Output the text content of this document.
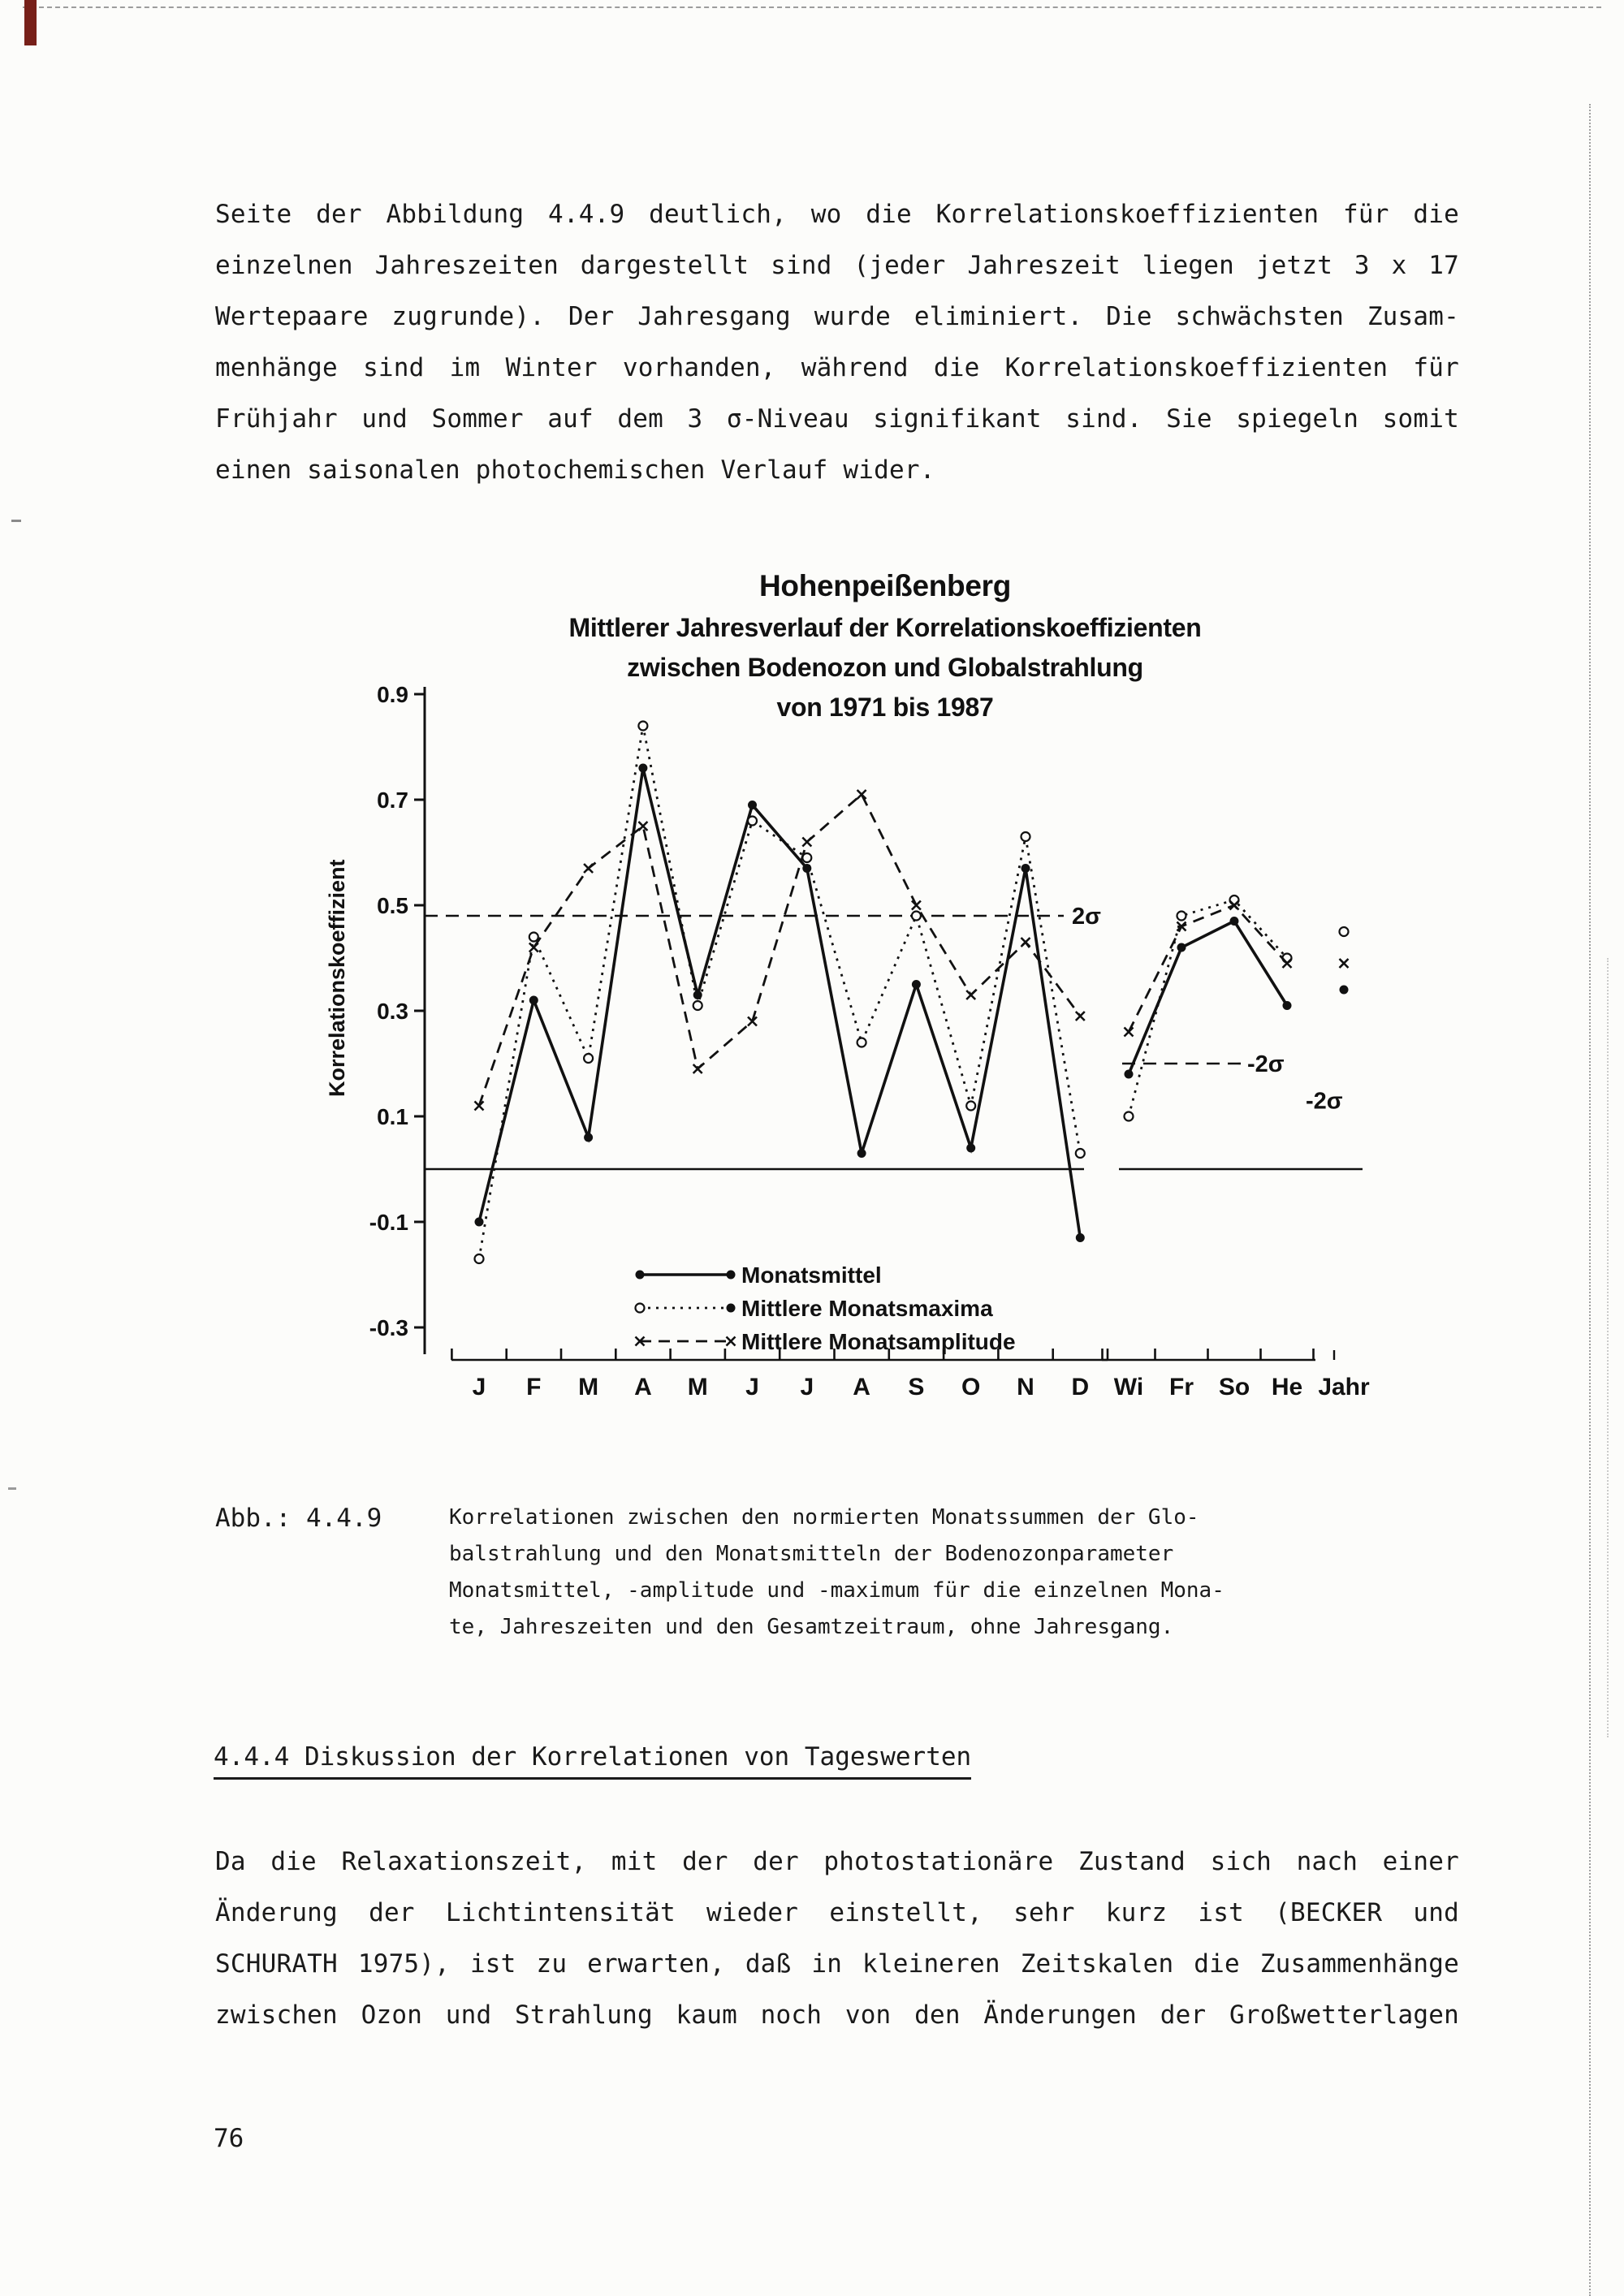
Seite der Abbildung 4.4.9 deutlich, wo die Korrelationskoeffizienten für die
einzelnen Jahreszeiten dargestellt sind (jeder Jahreszeit liegen jetzt 3 x 17
Wertepaare zugrunde). Der Jahresgang wurde eliminiert. Die schwächsten Zusam-
menhänge sind im Winter vorhanden, während die Korrelationskoeffizienten für
Frühjahr und Sommer auf dem 3 σ-Niveau signifikant sind. Sie spiegeln somit
einen saisonalen photochemischen Verlauf wider.
Hohenpeißenberg
Mittlerer Jahresverlauf der Korrelationskoeffizienten
zwischen Bodenozon und Globalstrahlung
von 1971 bis 1987
Korrelationskoeffizient
0.9
0.7
0.5
0.3
0.1
-0.1
-0.3
2σ
-2σ
-2σ
J F M A M J J A S O N D Wi Fr So He Jahr
Monatsmittel
Mittlere Monatsmaxima
Mittlere Monatsamplitude
Abb.: 4.4.9	Korrelationen zwischen den normierten Monatssummen der Glo-
balstrahlung und den Monatsmitteln der Bodenozonparameter
Monatsmittel, -amplitude und -maximum für die einzelnen Mona-
te, Jahreszeiten und den Gesamtzeitraum, ohne Jahresgang.
4.4.4 Diskussion der Korrelationen von Tageswerten
Da die Relaxationszeit, mit der der photostationäre Zustand sich nach einer
Änderung der Lichtintensität wieder einstellt, sehr kurz ist (BECKER und
SCHURATH 1975), ist zu erwarten, daß in kleineren Zeitskalen die Zusammenhänge
zwischen Ozon und Strahlung kaum noch von den Änderungen der Großwetterlagen
76
